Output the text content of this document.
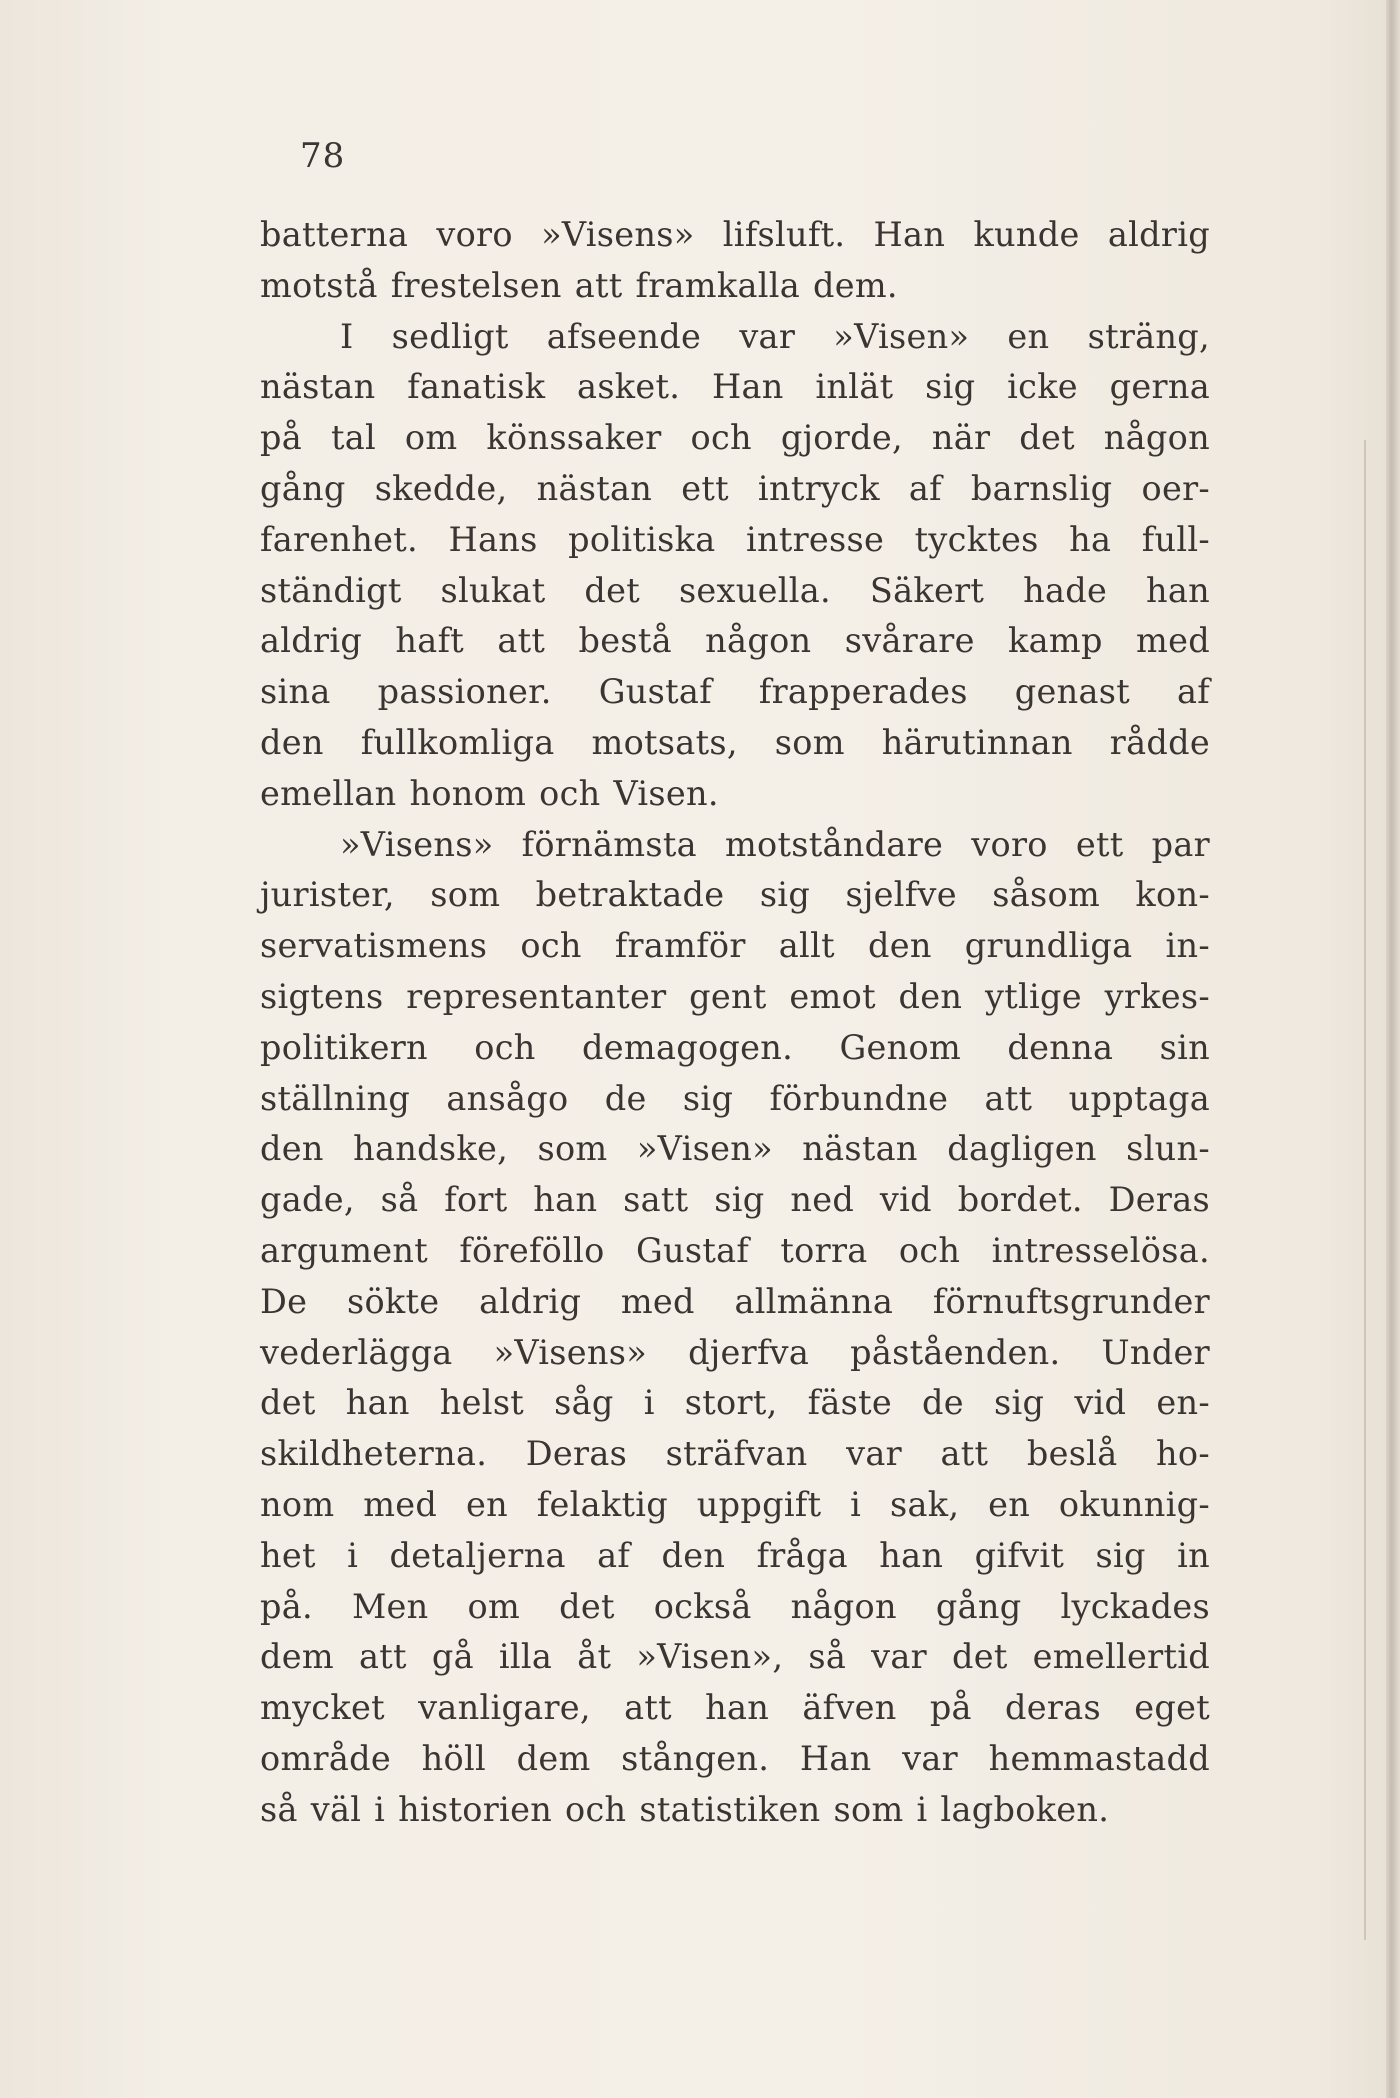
78
batterna voro »Visens» lifsluft. Han kunde aldrig
motstå frestelsen att framkalla dem.
I sedligt afseende var »Visen» en sträng,
nästan fanatisk asket. Han inlät sig icke gerna
på tal om könssaker och gjorde, när det någon
gång skedde, nästan ett intryck af barnslig oer-
farenhet. Hans politiska intresse tycktes ha full-
ständigt slukat det sexuella. Säkert hade han
aldrig haft att bestå någon svårare kamp med
sina passioner. Gustaf frapperades genast af
den fullkomliga motsats, som härutinnan rådde
emellan honom och Visen.
»Visens» förnämsta motståndare voro ett par
jurister, som betraktade sig sjelfve såsom kon-
servatismens och framför allt den grundliga in-
sigtens representanter gent emot den ytlige yrkes-
politikern och demagogen. Genom denna sin
ställning ansågo de sig förbundne att upptaga
den handske, som »Visen» nästan dagligen slun-
gade, så fort han satt sig ned vid bordet. Deras
argument föreföllo Gustaf torra och intresselösa.
De sökte aldrig med allmänna förnuftsgrunder
vederlägga »Visens» djerfva påståenden. Under
det han helst såg i stort, fäste de sig vid en-
skildheterna. Deras sträfvan var att beslå ho-
nom med en felaktig uppgift i sak, en okunnig-
het i detaljerna af den fråga han gifvit sig in
på. Men om det också någon gång lyckades
dem att gå illa åt »Visen», så var det emellertid
mycket vanligare, att han äfven på deras eget
område höll dem stången. Han var hemmastadd
så väl i historien och statistiken som i lagboken.
